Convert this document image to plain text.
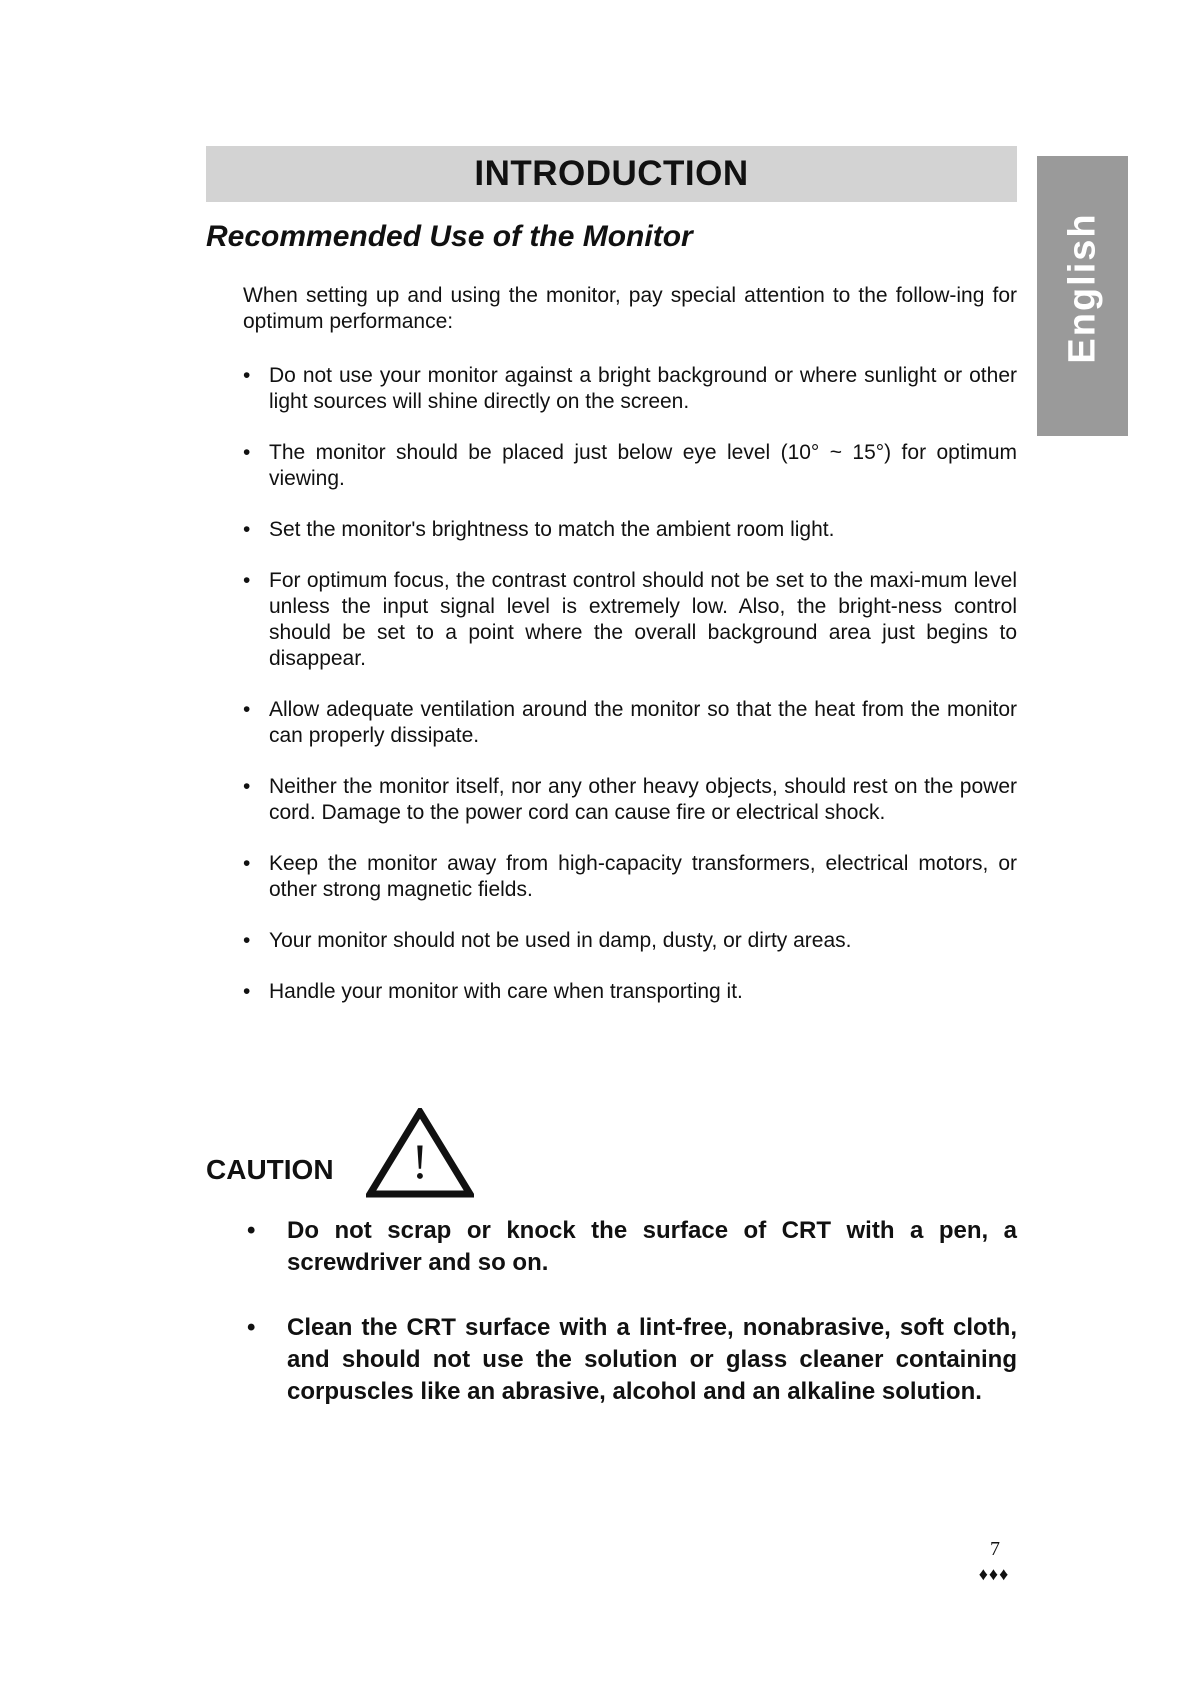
INTRODUCTION
English
Recommended Use of the Monitor
When setting up and using the monitor, pay special attention to the follow-ing for optimum performance:
• Do not use your monitor against a bright background or where sunlight or other light sources will shine directly on the screen.
• The monitor should be placed just below eye level (10° ~ 15°) for optimum viewing.
• Set the monitor's brightness to match the ambient room light.
• For optimum focus, the contrast control should not be set to the maxi-mum level unless the input signal level is extremely low. Also, the bright-ness control should be set to a point where the overall background area just begins to disappear.
• Allow adequate ventilation around the monitor so that the heat from the monitor can properly dissipate.
• Neither the monitor itself, nor any other heavy objects, should rest on the power cord. Damage to the power cord can cause fire or electrical shock.
• Keep the monitor away from high-capacity transformers, electrical motors, or other strong magnetic fields.
• Your monitor should not be used in damp, dusty, or dirty areas.
• Handle your monitor with care when transporting it.
CAUTION !
• Do not scrap or knock the surface of CRT with a pen, a screwdriver and so on.
• Clean the CRT surface with a lint-free, nonabrasive, soft cloth, and should not use the solution or glass cleaner containing corpuscles like an abrasive, alcohol and an alkaline solution.
7
♦♦♦
